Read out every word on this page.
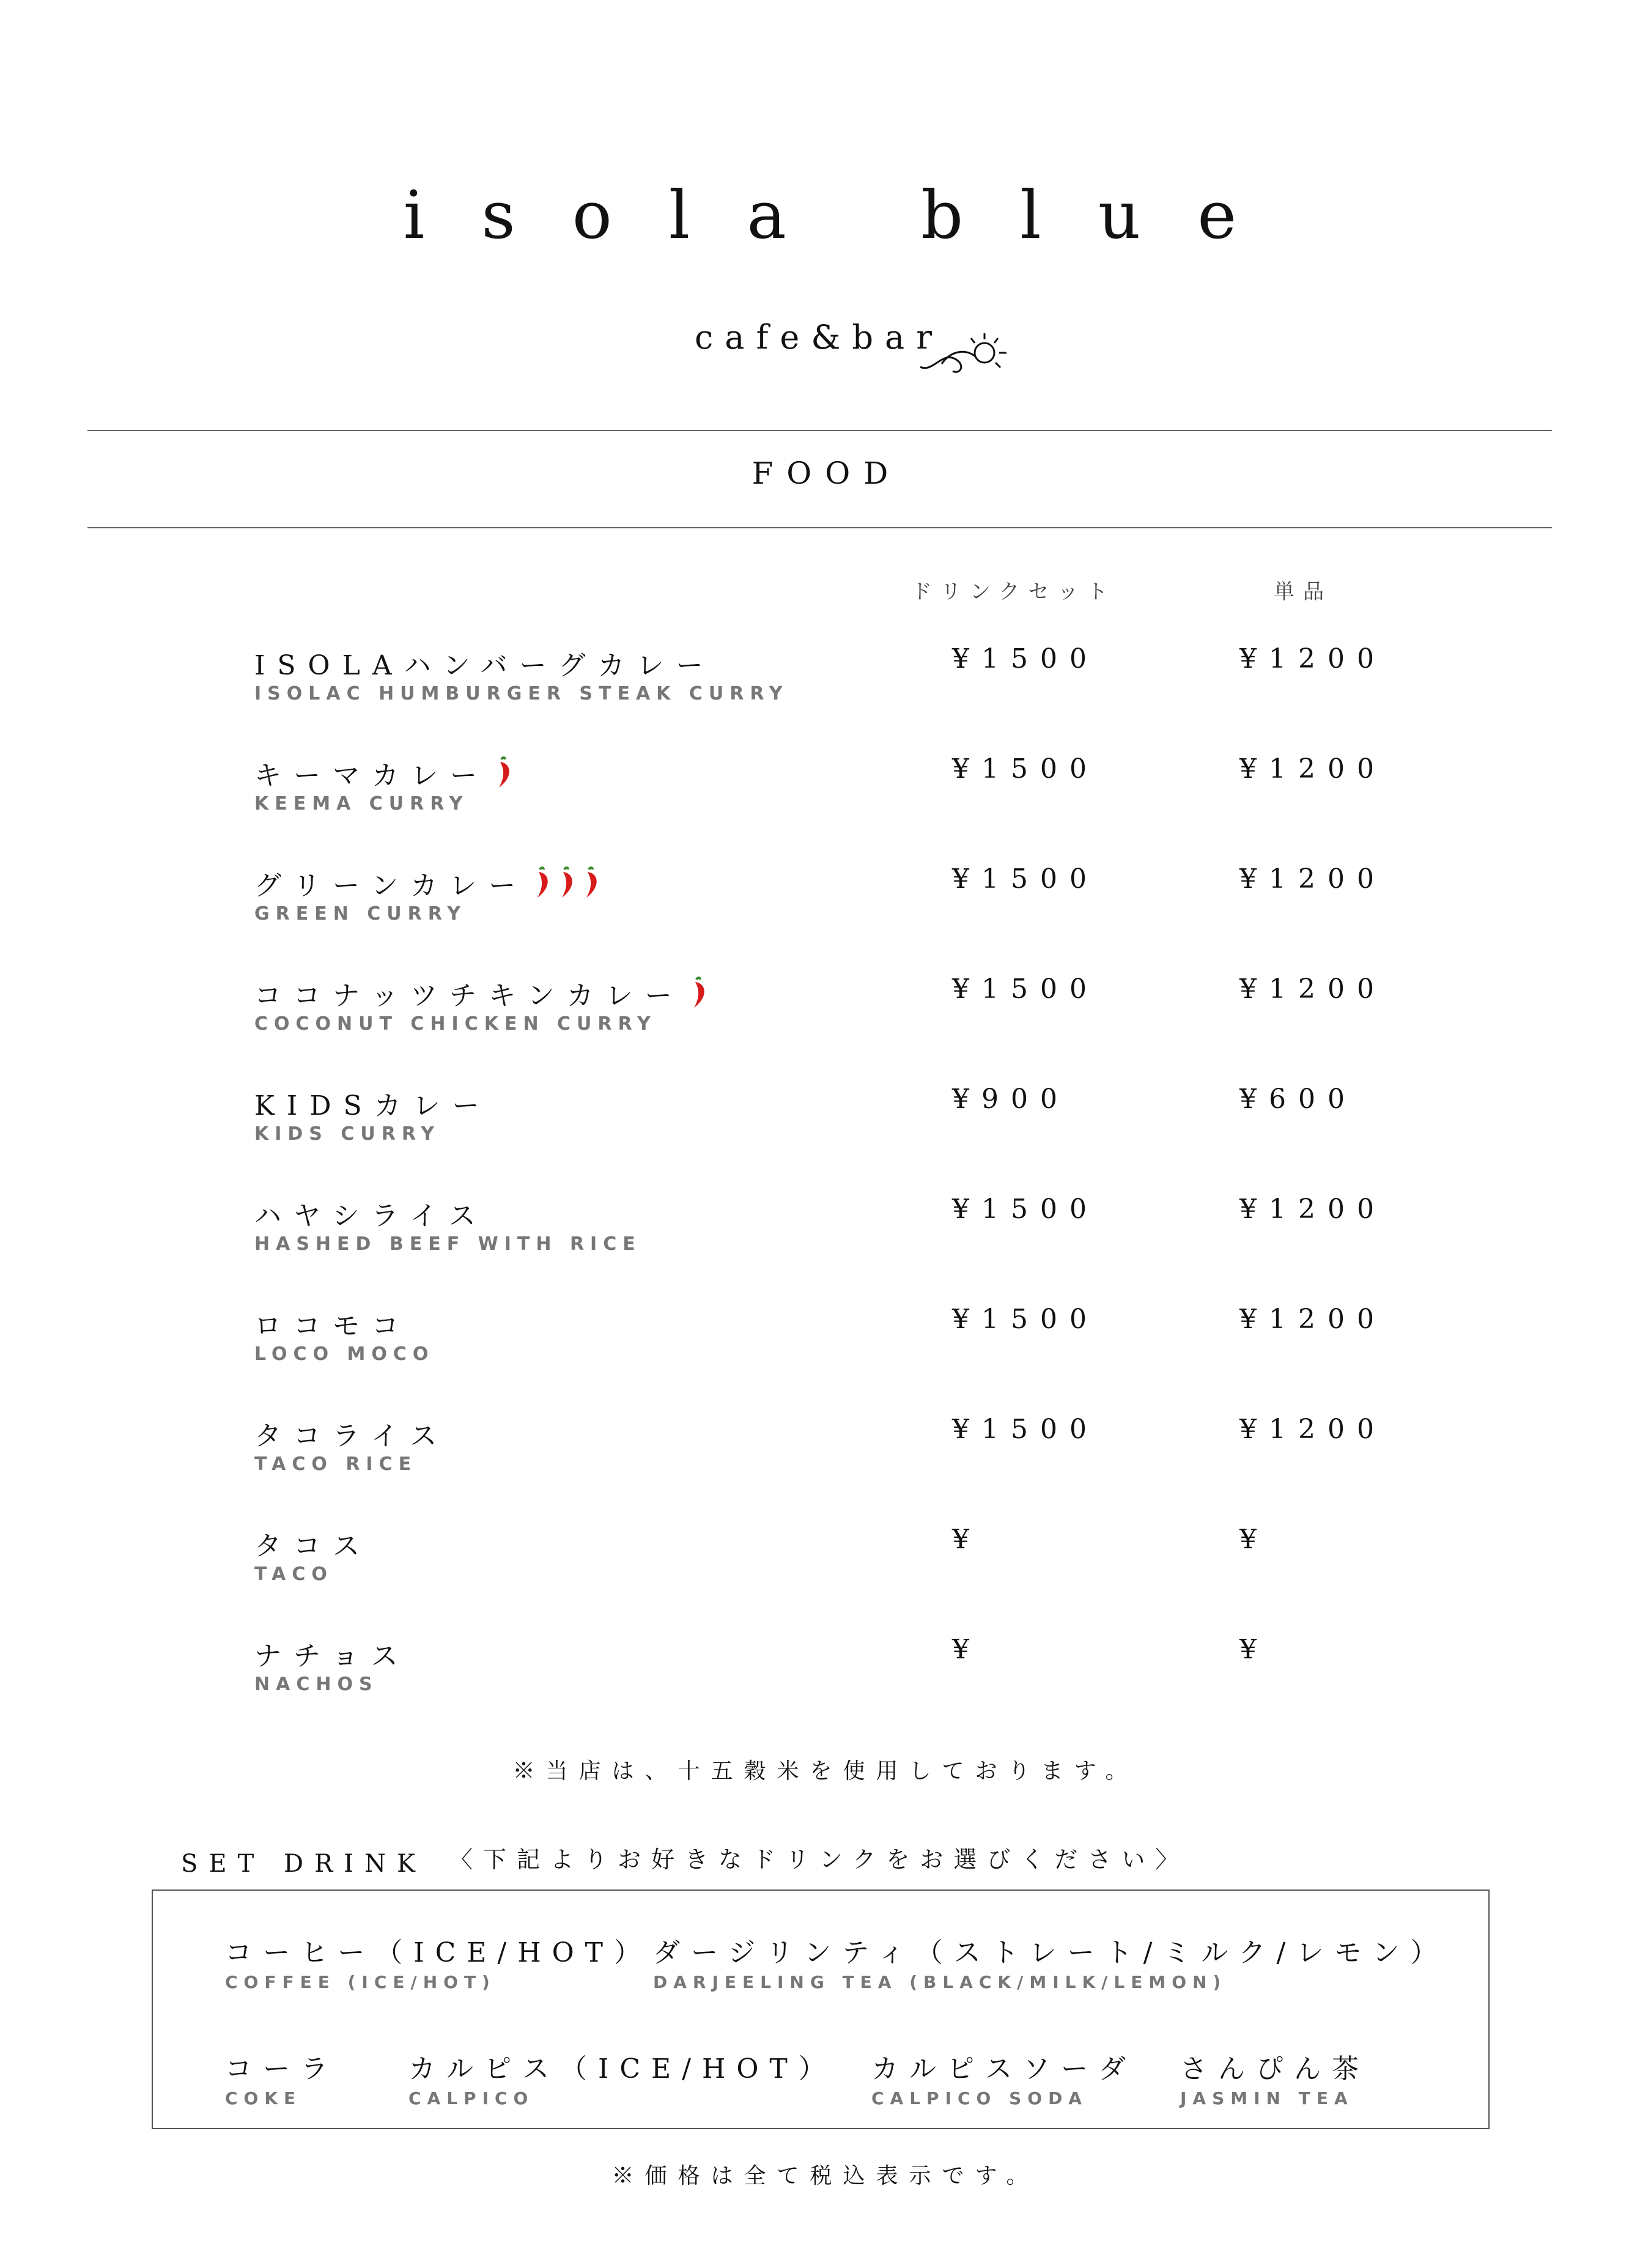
isola blue
cafe&bar
FOOD
ドリンクセット	単品
ISOLAハンバーグカレー
ISOLAC HUMBURGER STEAK CURRY
¥1500	¥1200
キーマカレー
KEEMA CURRY
¥1500	¥1200
グリーンカレー
GREEN CURRY
¥1500	¥1200
ココナッツチキンカレー
COCONUT CHICKEN CURRY
¥1500	¥1200
KIDSカレー
KIDS CURRY
¥900	¥600
ハヤシライス
HASHED BEEF WITH RICE
¥1500	¥1200
ロコモコ
LOCO MOCO
¥1500	¥1200
タコライス
TACO RICE
¥1500	¥1200
タコス
TACO
¥	¥
ナチョス
NACHOS
¥	¥
※当店は、十五穀米を使用しております。
SET DRINK 〈下記よりお好きなドリンクをお選びください〉
コーヒー（ICE/HOT）
COFFEE (ICE/HOT)
ダージリンティ（ストレート/ミルク/レモン）
DARJEELING TEA (BLACK/MILK/LEMON)
コーラ
COKE
カルピス（ICE/HOT）
CALPICO
カルピスソーダ
CALPICO SODA
さんぴん茶
JASMIN TEA
※価格は全て税込表示です。
